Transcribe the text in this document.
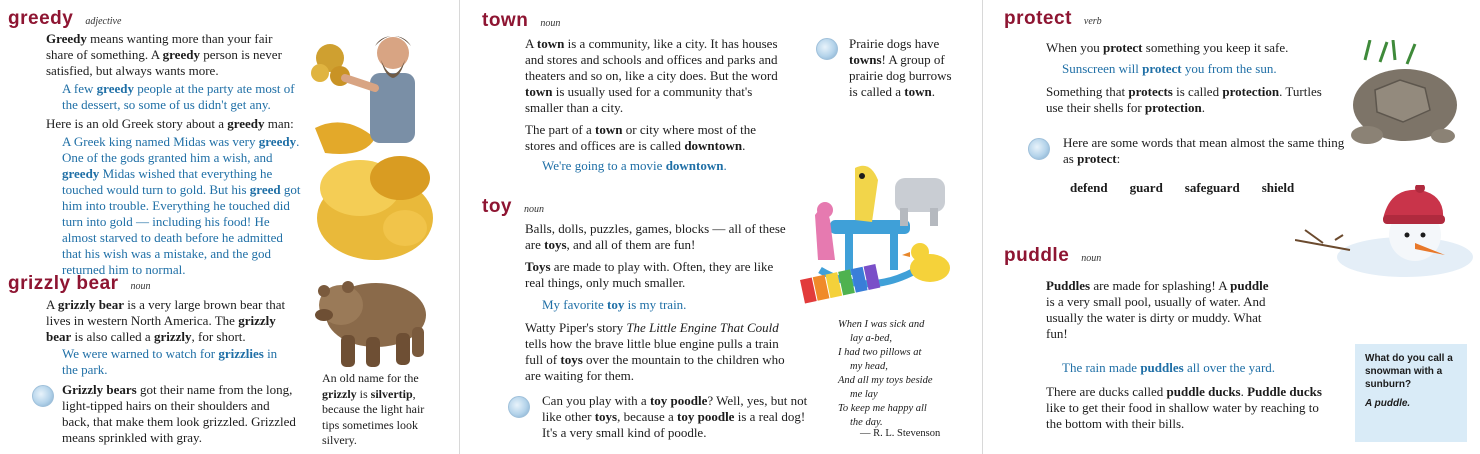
greedy adjective

Greedy means wanting more than your fair share of something. A greedy person is never satisfied, but always wants more.

A few greedy people at the party ate most of the dessert, so some of us didn't get any.

Here is an old Greek story about a greedy man:

A Greek king named Midas was very greedy. One of the gods granted him a wish, and greedy Midas wished that everything he touched would turn to gold. But his greed got him into trouble. Everything he touched did turn into gold — including his food! He almost starved to death before he admitted that his wish was a mistake, and the god returned him to normal.

grizzly bear noun

A grizzly bear is a very large brown bear that lives in western North America. The grizzly bear is also called a grizzly, for short.

We were warned to watch for grizzlies in the park.

Grizzly bears got their name from the long, light-tipped hairs on their shoulders and back, that make them look grizzled. Grizzled means sprinkled with gray.

An old name for the grizzly is silvertip, because the light hair tips sometimes look silvery.

town noun

A town is a community, like a city. It has houses and stores and schools and offices and parks and theaters and so on, like a city does. But the word town is usually used for a community that's smaller than a city.

The part of a town or city where most of the stores and offices are is called downtown.

We're going to a movie downtown.

Prairie dogs have towns! A group of prairie dog burrows is called a town.

toy noun

Balls, dolls, puzzles, games, blocks — all of these are toys, and all of them are fun!

Toys are made to play with. Often, they are like real things, only much smaller.

My favorite toy is my train.

Watty Piper's story The Little Engine That Could tells how the brave little blue engine pulls a train full of toys over the mountain to the children who are waiting for them.

Can you play with a toy poodle? Well, yes, but not like other toys, because a toy poodle is a real dog! It's a very small kind of poodle.

When I was sick and
lay a-bed,
I had two pillows at
my head,
And all my toys beside
me lay
To keep me happy all
the day.
— R. L. Stevenson
protect verb

When you protect something you keep it safe.

Sunscreen will protect you from the sun.

Something that protects is called protection. Turtles use their shells for protection.

Here are some words that mean almost the same thing as protect:

defend guard safeguard shield
puddle noun

Puddles are made for splashing! A puddle is a very small pool, usually of water. And usually the water is dirty or muddy. What fun!

The rain made puddles all over the yard.

There are ducks called puddle ducks. Puddle ducks like to get their food in shallow water by reaching to the bottom with their bills.

What do you call a snowman with a sunburn?
A puddle.
